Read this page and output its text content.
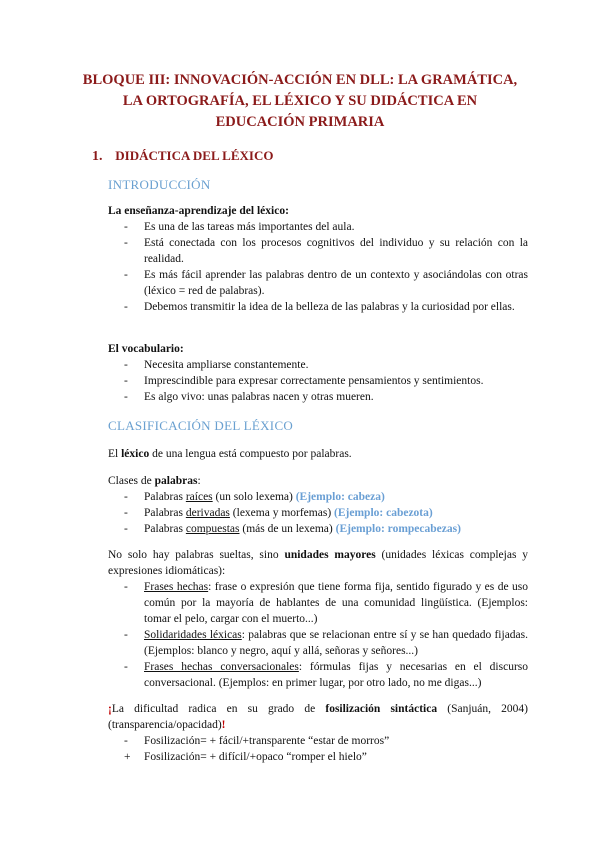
BLOQUE III: INNOVACIÓN-ACCIÓN EN DLL: LA GRAMÁTICA,
LA ORTOGRAFÍA, EL LÉXICO Y SU DIDÁCTICA EN
EDUCACIÓN PRIMARIA
1. DIDÁCTICA DEL LÉXICO
INTRODUCCIÓN
La enseñanza-aprendizaje del léxico:
- Es una de las tareas más importantes del aula.
- Está conectada con los procesos cognitivos del individuo y su relación con la realidad.
- Es más fácil aprender las palabras dentro de un contexto y asociándolas con otras (léxico = red de palabras).
- Debemos transmitir la idea de la belleza de las palabras y la curiosidad por ellas.
El vocabulario:
- Necesita ampliarse constantemente.
- Imprescindible para expresar correctamente pensamientos y sentimientos.
- Es algo vivo: unas palabras nacen y otras mueren.
CLASIFICACIÓN DEL LÉXICO
El léxico de una lengua está compuesto por palabras.
Clases de palabras:
- Palabras raíces (un solo lexema) (Ejemplo: cabeza)
- Palabras derivadas (lexema y morfemas) (Ejemplo: cabezota)
- Palabras compuestas (más de un lexema) (Ejemplo: rompecabezas)
No solo hay palabras sueltas, sino unidades mayores (unidades léxicas complejas y expresiones idiomáticas):
- Frases hechas: frase o expresión que tiene forma fija, sentido figurado y es de uso común por la mayoría de hablantes de una comunidad lingüística. (Ejemplos: tomar el pelo, cargar con el muerto...)
- Solidaridades léxicas: palabras que se relacionan entre sí y se han quedado fijadas. (Ejemplos: blanco y negro, aquí y allá, señoras y señores...)
- Frases hechas conversacionales: fórmulas fijas y necesarias en el discurso conversacional. (Ejemplos: en primer lugar, por otro lado, no me digas...)
¡La dificultad radica en su grado de fosilización sintáctica (Sanjuán, 2004) (transparencia/opacidad)!
- Fosilización= + fácil/+transparente “estar de morros”
+ Fosilización= + difícil/+opaco “romper el hielo”
